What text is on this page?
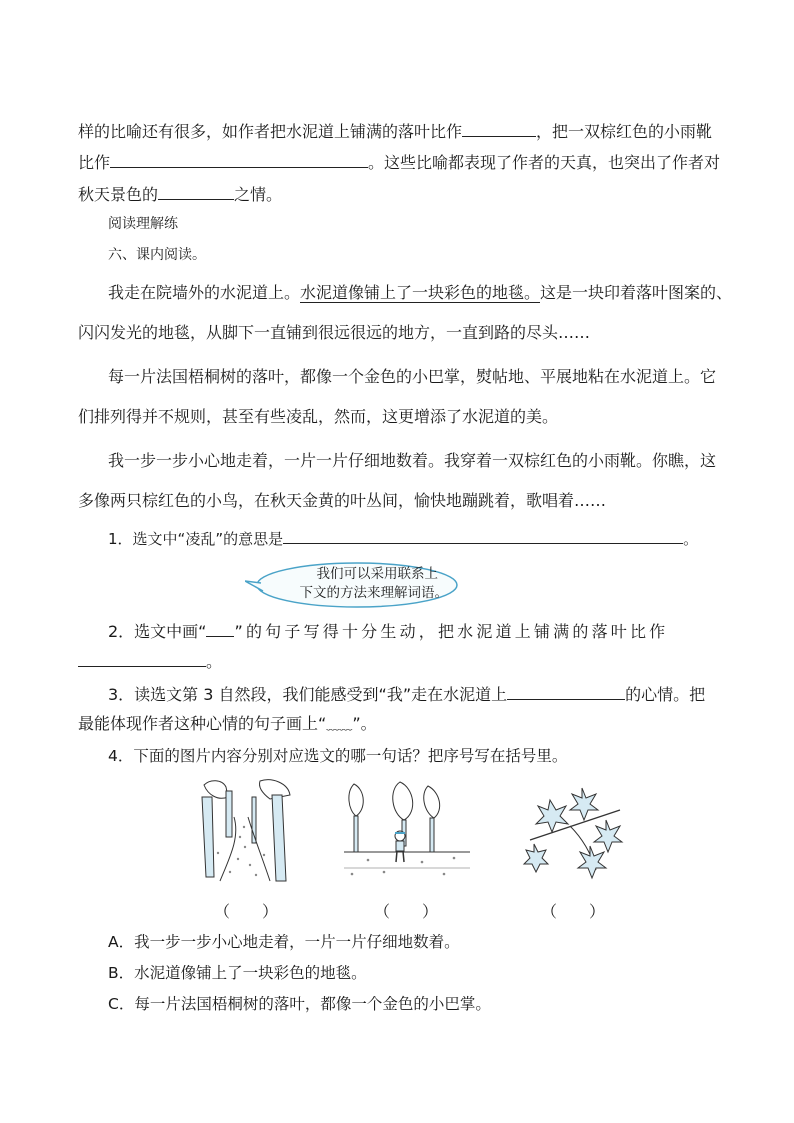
样的比喻还有很多，如作者把水泥道上铺满的落叶比作	，把一双棕红色的小雨靴
比作	。这些比喻都表现了作者的天真，也突出了作者对
秋天景色的	之情。
阅读理解练
六、课内阅读。
我走在院墙外的水泥道上。水泥道像铺上了一块彩色的地毯。这是一块印着落叶图案的、
闪闪发光的地毯，从脚下一直铺到很远很远的地方，一直到路的尽头……
每一片法国梧桐树的落叶，都像一个金色的小巴掌，熨帖地、平展地粘在水泥道上。它
们排列得并不规则，甚至有些凌乱，然而，这更增添了水泥道的美。
我一步一步小心地走着，一片一片仔细地数着。我穿着一双棕红色的小雨靴。你瞧，这
多像两只棕红色的小鸟，在秋天金黄的叶丛间，愉快地蹦跳着，歌唱着……
1．选文中“凌乱”的意思是	。
我们可以采用联系上
下文的方法来理解词语。
2．选文中画“ ”的句子写得十分生动，把水泥道上铺满的落叶比作
。
3．读选文第 3 自然段，我们能感受到“我”走在水泥道上	的心情。把
最能体现作者这种心情的句子画上“﹏﹏”。
4．下面的图片内容分别对应选文的哪一句话？把序号写在括号里。
（　　）	（　　）	（　　）
A．我一步一步小心地走着，一片一片仔细地数着。
B．水泥道像铺上了一块彩色的地毯。
C．每一片法国梧桐树的落叶，都像一个金色的小巴掌。
